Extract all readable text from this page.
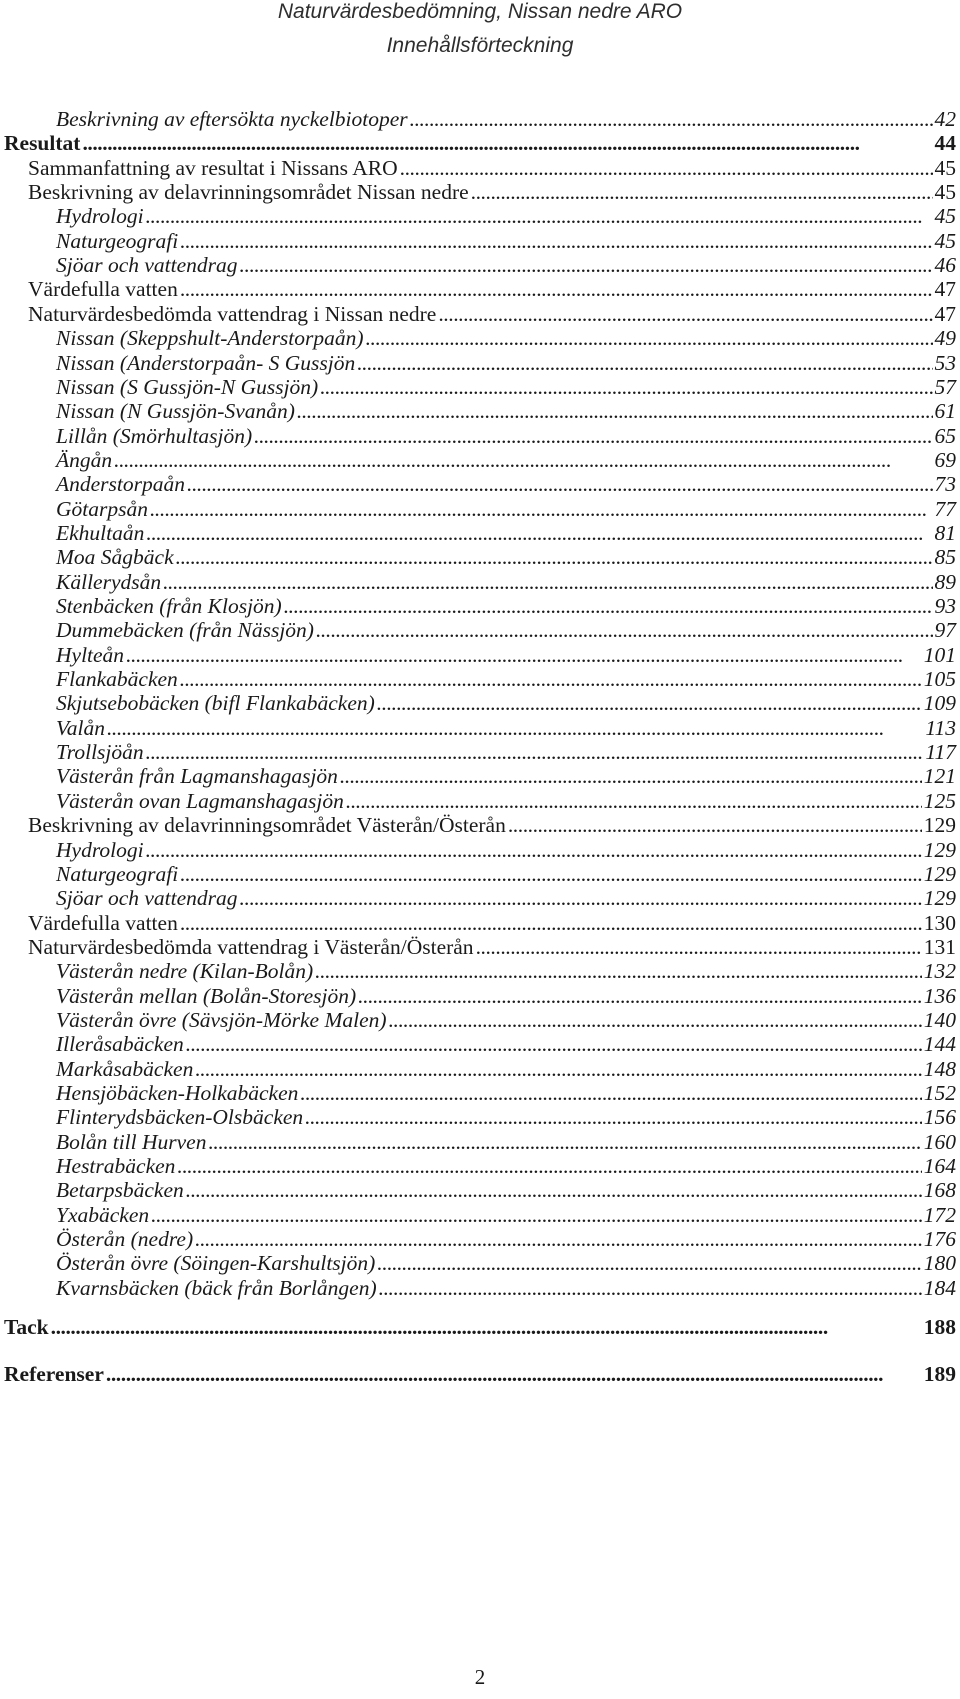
Naturvärdesbedömning, Nissan nedre ARO
Innehållsförteckning
Beskrivning av eftersökta nyckelbiotoper . . .	42
Resultat . . .	44
Sammanfattning av resultat i Nissans ARO . . .	45
Beskrivning av delavrinningsområdet Nissan nedre . . .	45
Hydrologi . . .	45
Naturgeografi . . .	45
Sjöar och vattendrag . . .	46
Värdefulla vatten . . .	47
Naturvärdesbedömda vattendrag i Nissan nedre . . .	47
Nissan (Skeppshult-Anderstorpaån) . . .	49
Nissan (Anderstorpaån- S Gussjön . . .	53
Nissan (S Gussjön-N Gussjön) . . .	57
Nissan (N Gussjön-Svanån) . . .	61
Lillån (Smörhultasjön) . . .	65
Ängån . . .	69
Anderstorpaån . . .	73
Götarpsån . . .	77
Ekhultaån . . .	81
Moa Sågbäck . . .	85
Källerydsån . . .	89
Stenbäcken (från Klosjön) . . .	93
Dummebäcken (från Nässjön) . . .	97
Hylteån . . .	101
Flankabäcken . . .	105
Skjutsebobäcken (bifl Flankabäcken) . . .	109
Valån . . .	113
Trollsjöån . . .	117
Västerån från Lagmanshagasjön . . .	121
Västerån ovan Lagmanshagasjön . . .	125
Beskrivning av delavrinningsområdet Västerån/Österån . . .	129
Hydrologi . . .	129
Naturgeografi . . .	129
Sjöar och vattendrag . . .	129
Värdefulla vatten . . .	130
Naturvärdesbedömda vattendrag i Västerån/Österån . . .	131
Västerån nedre (Kilan-Bolån) . . .	132
Västerån mellan (Bolån-Storesjön) . . .	136
Västerån övre (Sävsjön-Mörke Malen) . . .	140
Illeråsabäcken . . .	144
Markåsabäcken . . .	148
Hensjöbäcken-Holkabäcken . . .	152
Flinterydsbäcken-Olsbäcken . . .	156
Bolån till Hurven . . .	160
Hestrabäcken . . .	164
Betarpsbäcken . . .	168
Yxabäcken . . .	172
Österån (nedre) . . .	176
Österån övre (Söingen-Karshultsjön) . . .	180
Kvarnsbäcken (bäck från Borlången) . . .	184
Tack . . .	188
Referenser . . .	189
2
